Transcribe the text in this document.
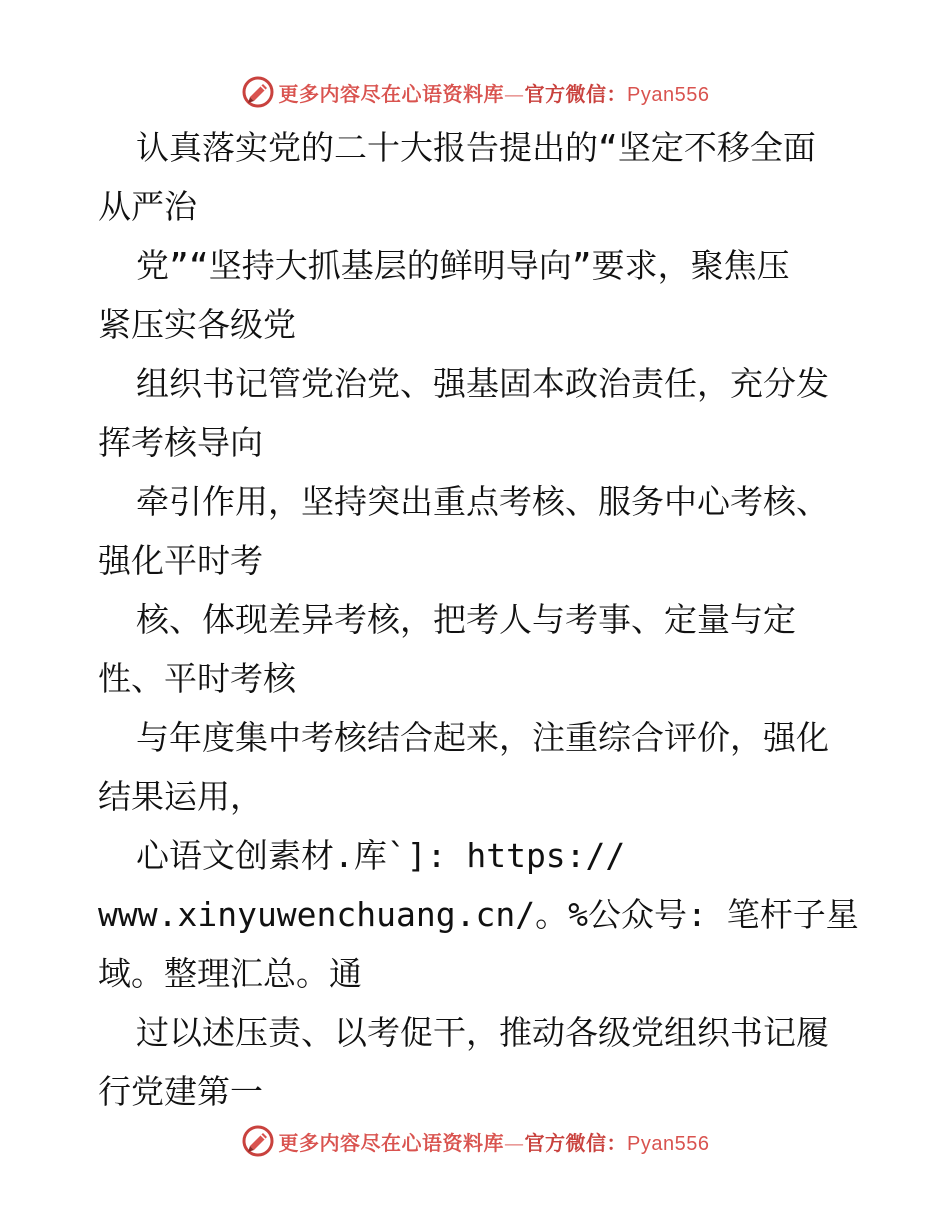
更多内容尽在心语资料库—官方微信：Pyan556
认真落实党的二十大报告提出的“坚定不移全面
从严治
党”“坚持大抓基层的鲜明导向”要求，聚焦压
紧压实各级党
组织书记管党治党、强基固本政治责任，充分发
挥考核导向
牵引作用，坚持突出重点考核、服务中心考核、
强化平时考
核、体现差异考核，把考人与考事、定量与定
性、平时考核
与年度集中考核结合起来，注重综合评价，强化
结果运用，
心语文创素材.库`]: https://
www.xinyuwenchuang.cn/。%公众号: 笔杆子星
域。整理汇总。通
过以述压责、以考促干，推动各级党组织书记履
行党建第一
更多内容尽在心语资料库—官方微信：Pyan556
